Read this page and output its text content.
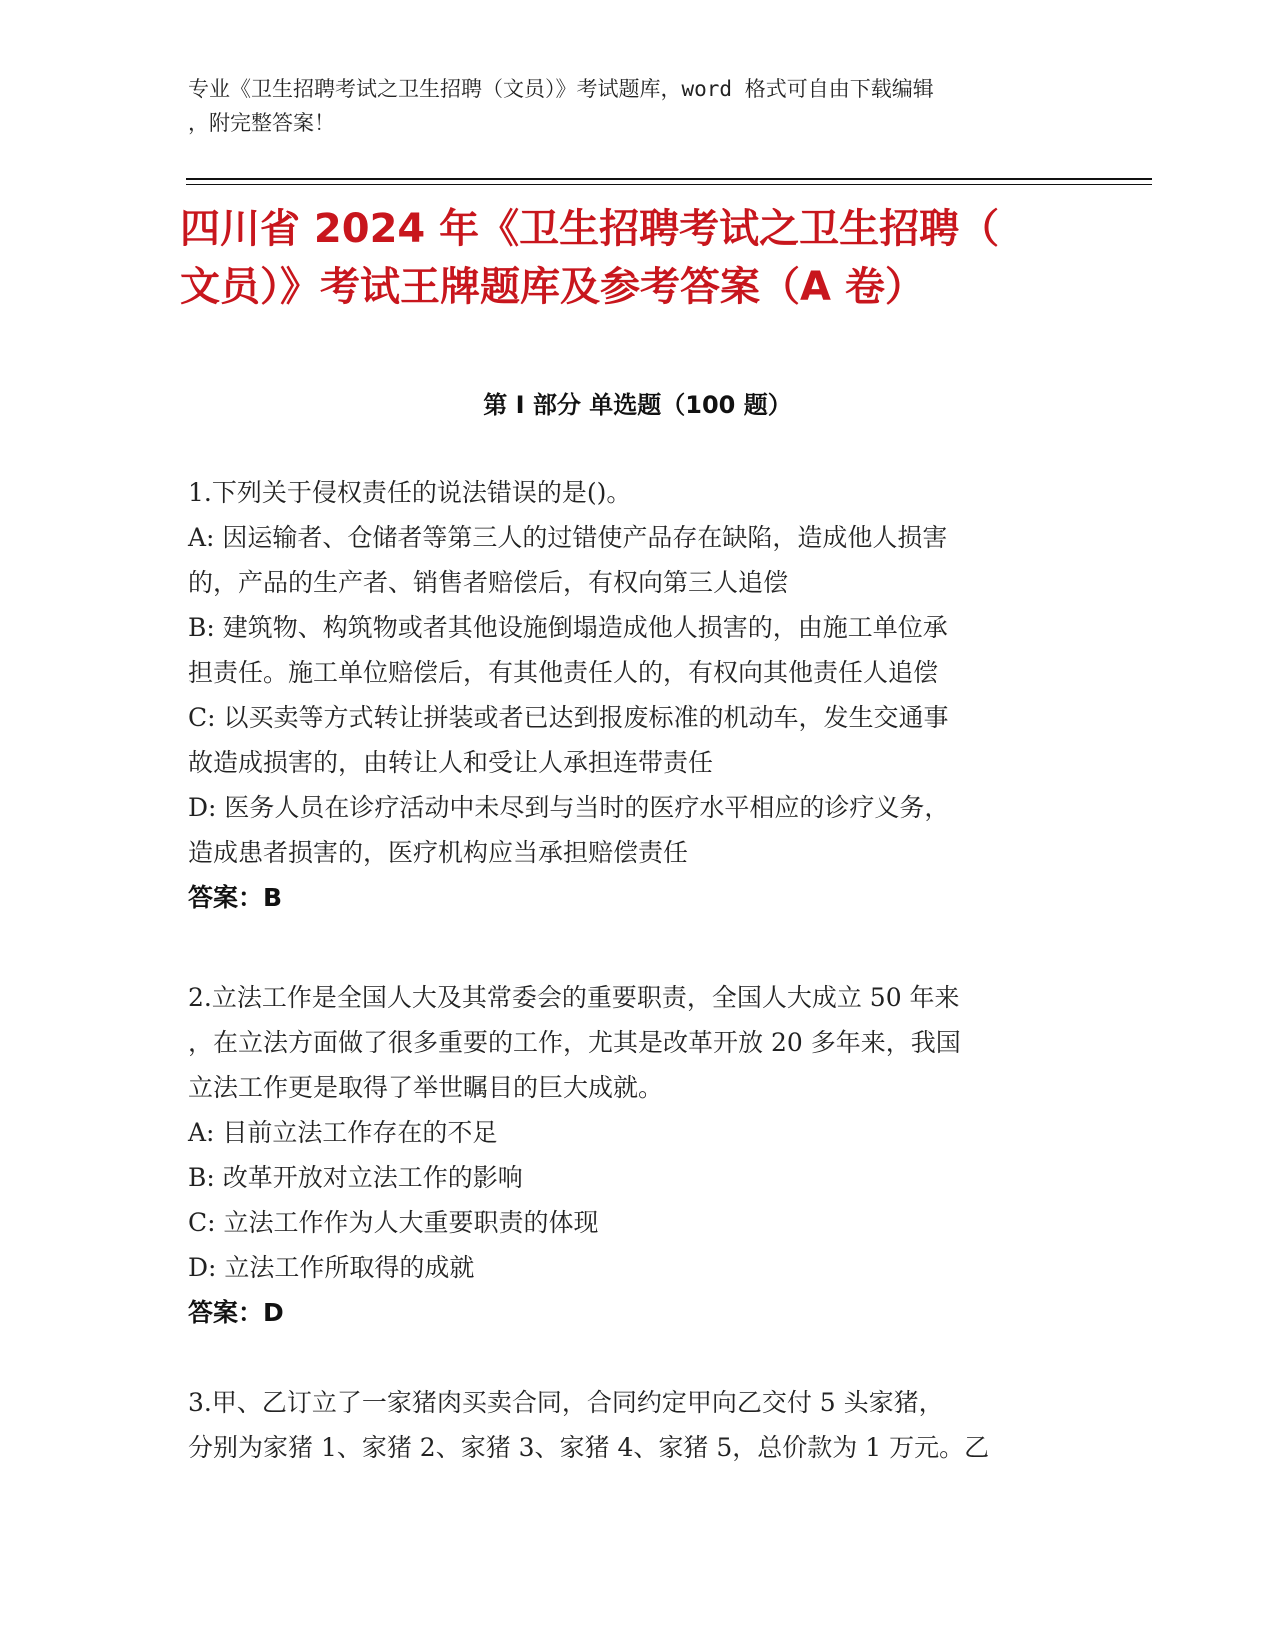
专业《卫生招聘考试之卫生招聘（文员）》考试题库，word 格式可自由下载编辑
，附完整答案！
四川省 2024 年《卫生招聘考试之卫生招聘（
文员）》考试王牌题库及参考答案（A 卷）
第 I 部分 单选题（100 题）

1.下列关于侵权责任的说法错误的是()。

A: 因运输者、仓储者等第三人的过错使产品存在缺陷，造成他人损害
的，产品的生产者、销售者赔偿后，有权向第三人追偿

B: 建筑物、构筑物或者其他设施倒塌造成他人损害的，由施工单位承
担责任。施工单位赔偿后，有其他责任人的，有权向其他责任人追偿

C: 以买卖等方式转让拼装或者已达到报废标准的机动车，发生交通事
故造成损害的，由转让人和受让人承担连带责任

D: 医务人员在诊疗活动中未尽到与当时的医疗水平相应的诊疗义务，
造成患者损害的，医疗机构应当承担赔偿责任

答案：B

2.立法工作是全国人大及其常委会的重要职责，全国人大成立 50 年来
，在立法方面做了很多重要的工作，尤其是改革开放 20 多年来，我国
立法工作更是取得了举世瞩目的巨大成就。

A: 目前立法工作存在的不足

B: 改革开放对立法工作的影响

C: 立法工作作为人大重要职责的体现

D: 立法工作所取得的成就

答案：D

3.甲、乙订立了一家猪肉买卖合同，合同约定甲向乙交付 5 头家猪，
分别为家猪 1、家猪 2、家猪 3、家猪 4、家猪 5，总价款为 1 万元。乙
